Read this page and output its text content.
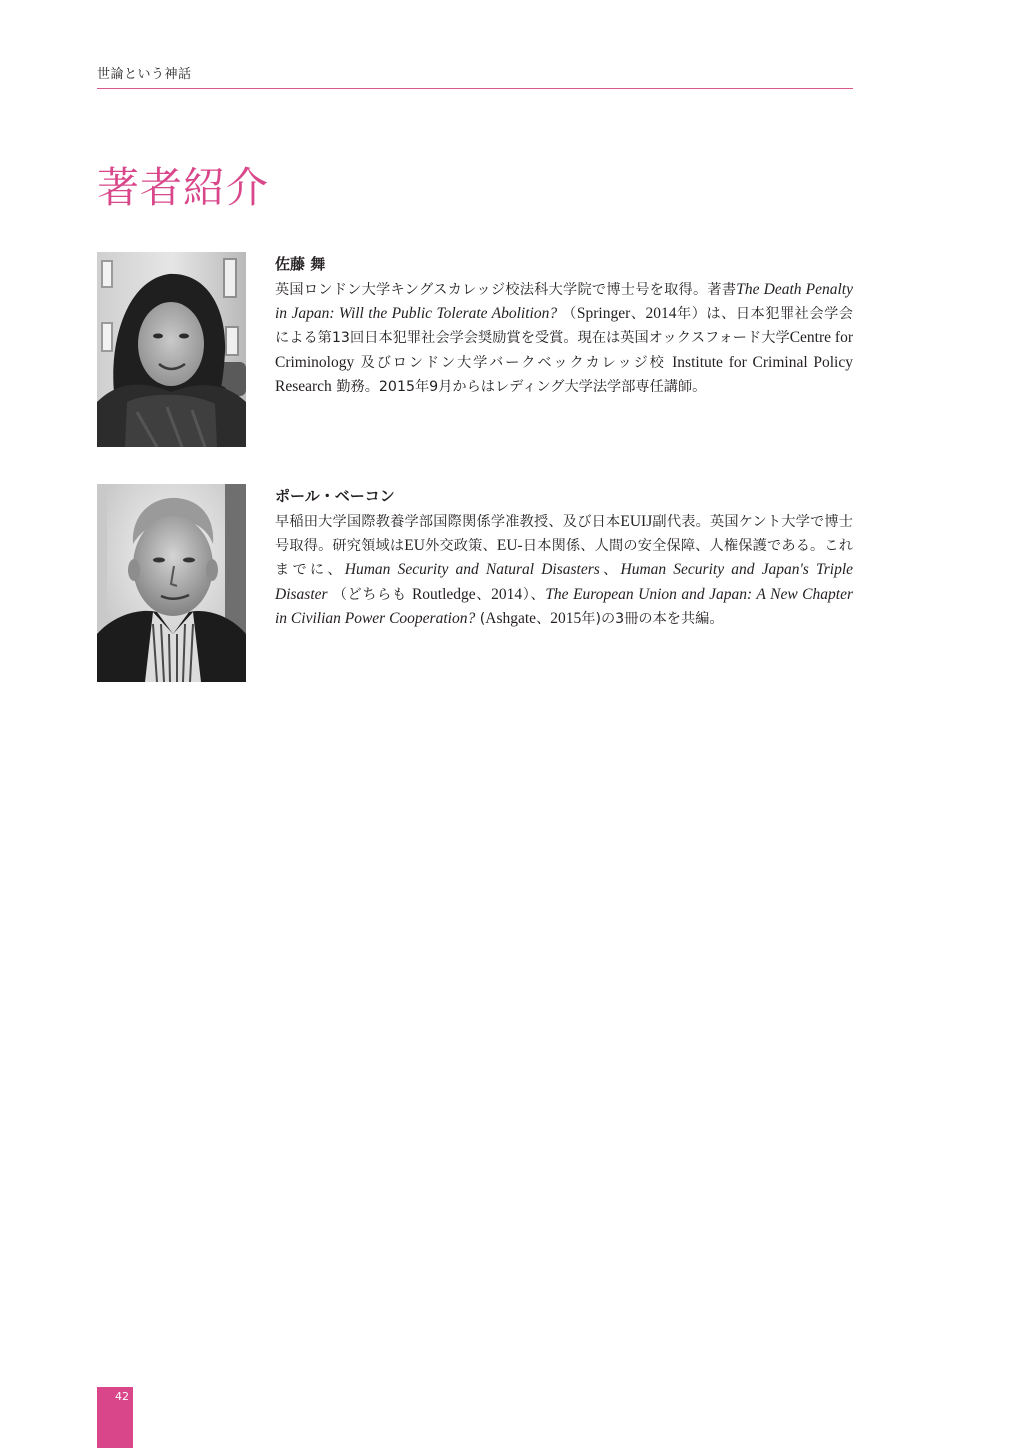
世論という神話
著者紹介
佐藤 舞

英国ロンドン大学キングスカレッジ校法科大学院で博士号を取得。著書The Death Penalty in Japan: Will the Public Tolerate Abolition? （Springer、2014年）は、日本犯罪社会学会による第13回日本犯罪社会学会奨励賞を受賞。現在は英国オックスフォード大学Centre for Criminology 及びロンドン大学バークベックカレッジ校 Institute for Criminal Policy Research 勤務。2015年9月からはレディング大学法学部専任講師。

ポール・ベーコン

早稲田大学国際教養学部国際関係学准教授、及び日本EUIJ副代表。英国ケント大学で博士号取得。研究領域はEU外交政策、EU-日本関係、人間の安全保障、人権保護である。これまでに、Human Security and Natural Disasters、Human Security and Japan's Triple Disaster （どちらも Routledge、2014）、The European Union and Japan: A New Chapter in Civilian Power Cooperation? (Ashgate、2015年)の3冊の本を共編。

42
